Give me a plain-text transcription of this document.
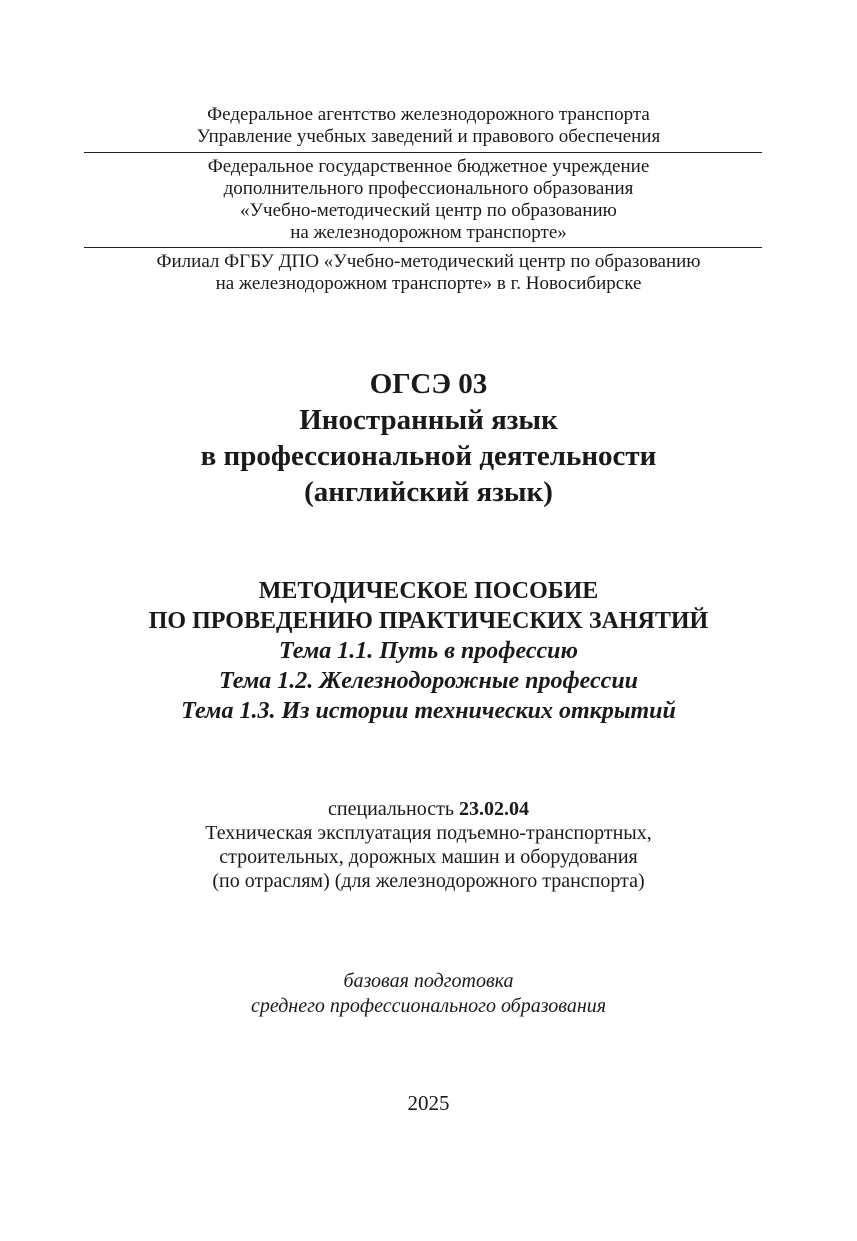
Федеральное агентство железнодорожного транспорта
Управление учебных заведений и правового обеспечения
Федеральное государственное бюджетное учреждение
дополнительного профессионального образования
«Учебно-методический центр по образованию
на железнодорожном транспорте»
Филиал ФГБУ ДПО «Учебно-методический центр по образованию
на железнодорожном транспорте» в г. Новосибирске
ОГСЭ 03
Иностранный язык
в профессиональной деятельности
(английский язык)
МЕТОДИЧЕСКОЕ ПОСОБИЕ
ПО ПРОВЕДЕНИЮ ПРАКТИЧЕСКИХ ЗАНЯТИЙ
Тема 1.1. Путь в профессию
Тема 1.2. Железнодорожные профессии
Тема 1.3. Из истории технических открытий
специальность 23.02.04
Техническая эксплуатация подъемно-транспортных,
строительных, дорожных машин и оборудования
(по отраслям) (для железнодорожного транспорта)
базовая подготовка
среднего профессионального образования
2025
